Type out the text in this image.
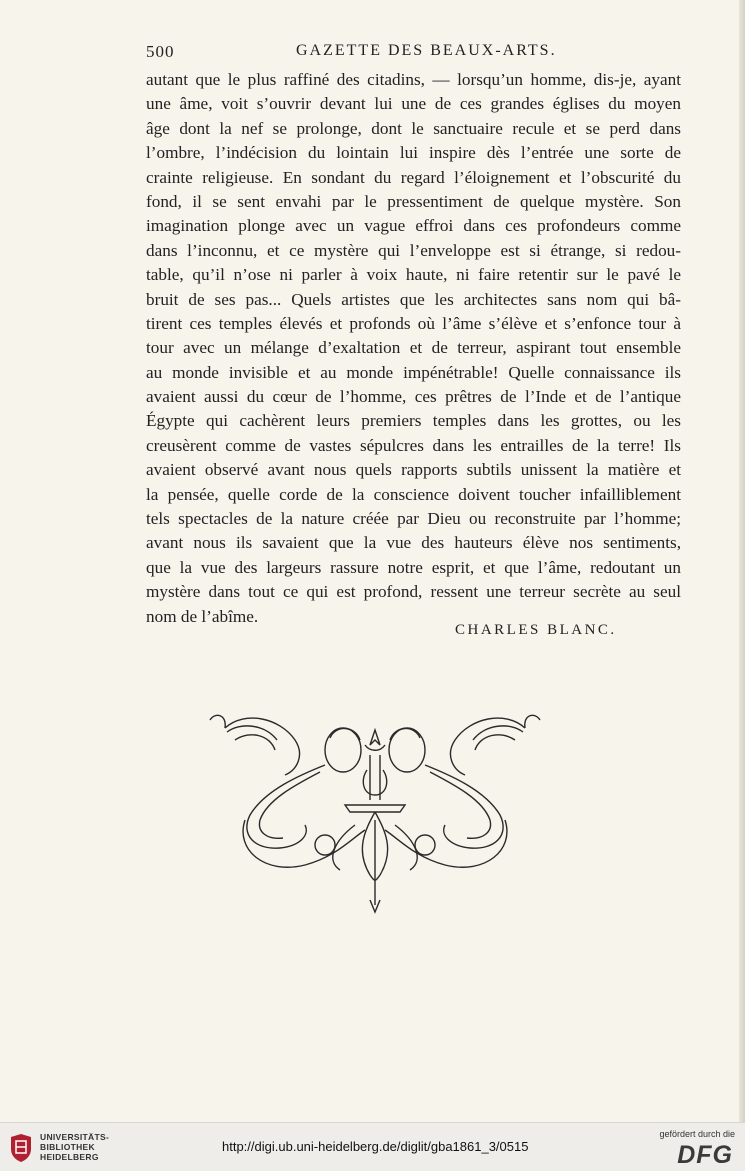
500	GAZETTE DES BEAUX-ARTS.
autant que le plus raffiné des citadins, — lorsqu’un homme, dis-je, ayant
une âme, voit s’ouvrir devant lui une de ces grandes églises du moyen
âge dont la nef se prolonge, dont le sanctuaire recule et se perd dans
l’ombre, l’indécision du lointain lui inspire dès l’entrée une sorte de
crainte religieuse. En sondant du regard l’éloignement et l’obscurité du
fond, il se sent envahi par le pressentiment de quelque mystère. Son
imagination plonge avec un vague effroi dans ces profondeurs comme
dans l’inconnu, et ce mystère qui l’enveloppe est si étrange, si redou-
table, qu’il n’ose ni parler à voix haute, ni faire retentir sur le pavé le
bruit de ses pas... Quels artistes que les architectes sans nom qui bâ-
tirent ces temples élevés et profonds où l’âme s’élève et s’enfonce tour à
tour avec un mélange d’exaltation et de terreur, aspirant tout ensemble
au monde invisible et au monde impénétrable! Quelle connaissance ils
avaient aussi du cœur de l’homme, ces prêtres de l’Inde et de l’antique
Égypte qui cachèrent leurs premiers temples dans les grottes, ou les
creusèrent comme de vastes sépulcres dans les entrailles de la terre! Ils
avaient observé avant nous quels rapports subtils unissent la matière et
la pensée, quelle corde de la conscience doivent toucher infailliblement
tels spectacles de la nature créée par Dieu ou reconstruite par l’homme;
avant nous ils savaient que la vue des hauteurs élève nos sentiments,
que la vue des largeurs rassure notre esprit, et que l’âme, redoutant un
mystère dans tout ce qui est profond, ressent une terreur secrète au seul
nom de l’abîme.
CHARLES BLANC.
UNIVERSITÄTS-
BIBLIOTHEK
HEIDELBERG
http://digi.ub.uni-heidelberg.de/diglit/gba1861_3/0515
gefördert durch die
DFG
